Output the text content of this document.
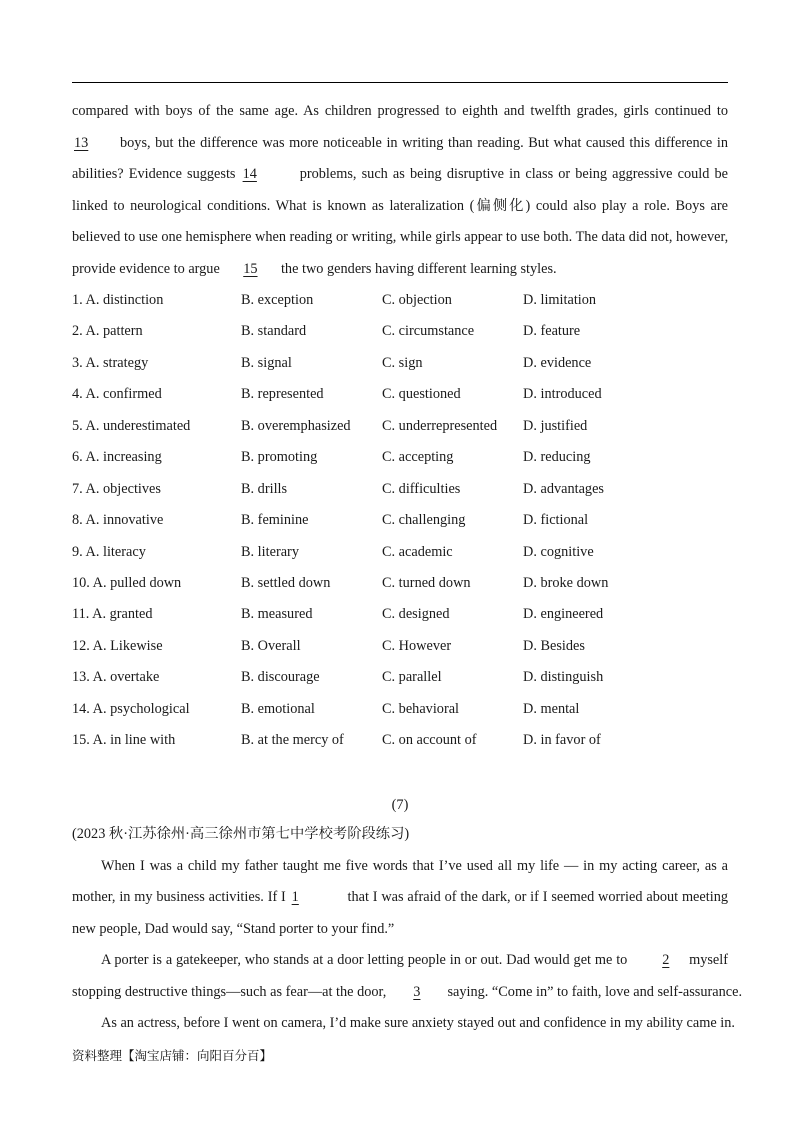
compared with boys of the same age. As children progressed to eighth and twelfth grades, girls continued to
13 boys, but the difference was more noticeable in writing than reading. But what caused this difference in
abilities? Evidence suggests 14	problems, such as being disruptive in class or being aggressive could be
linked to neurological conditions. What is known as lateralization (偏侧化) could also play a role. Boys are
believed to use one hemisphere when reading or writing, while girls appear to use both. The data did not, however,
provide evidence to argue 15 the two genders having different learning styles.
1. A. distinction	B. exception	C. objection	D. limitation
2. A. pattern	B. standard	C. circumstance	D. feature
3. A. strategy	B. signal	C. sign	D. evidence
4. A. confirmed	B. represented	C. questioned	D. introduced
5. A. underestimated	B. overemphasized	C. underrepresented	D. justified
6. A. increasing	B. promoting	C. accepting	D. reducing
7. A. objectives	B. drills	C. difficulties	D. advantages
8. A. innovative	B. feminine	C. challenging	D. fictional
9. A. literacy	B. literary	C. academic	D. cognitive
10. A. pulled down	B. settled down	C. turned down	D. broke down
11. A. granted	B. measured	C. designed	D. engineered
12. A. Likewise	B. Overall	C. However	D. Besides
13. A. overtake	B. discourage	C. parallel	D. distinguish
14. A. psychological	B. emotional	C. behavioral	D. mental
15. A. in line with	B. at the mercy of	C. on account of	D. in favor of
(7)
(2023 秋·江苏徐州·高三徐州市第七中学校考阶段练习)
When I was a child my father taught me five words that I’ve used all my life — in my acting career, as a
mother, in my business activities. If I 1	that I was afraid of the dark, or if I seemed worried about meeting
new people, Dad would say, “Stand porter to your find.”
A porter is a gatekeeper, who stands at a door letting people in or out. Dad would get me to 2 myself
stopping destructive things—such as fear—at the door, 3 saying. “Come in” to faith, love and self-assurance.
As an actress, before I went on camera, I’d make sure anxiety stayed out and confidence in my ability came in.
资料整理【淘宝店铺：向阳百分百】
